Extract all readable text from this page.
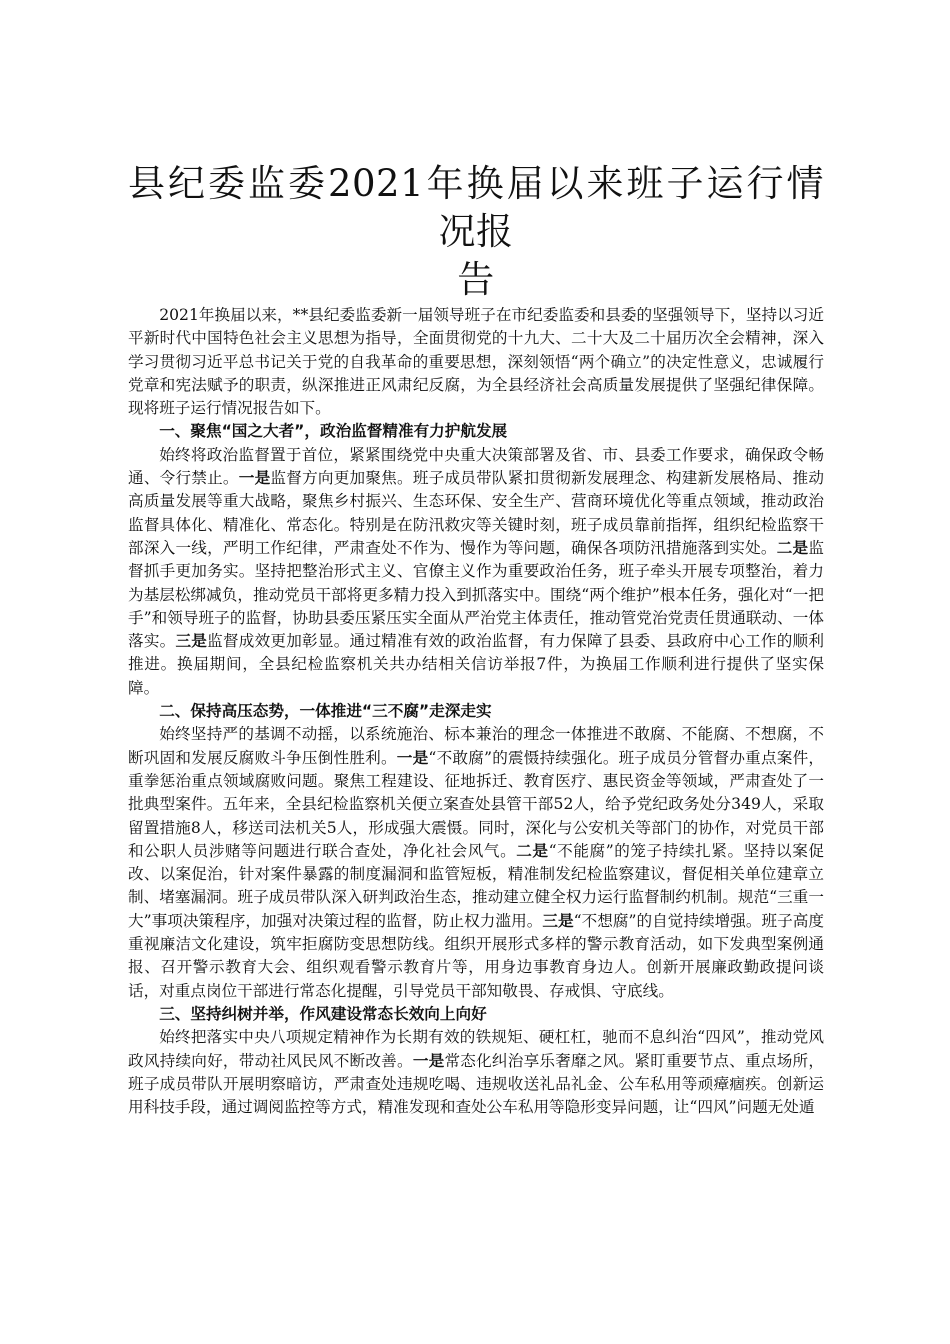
县纪委监委2021年换届以来班子运行情况报
告

2021年换届以来，**县纪委监委新一届领导班子在市纪委监委和县委的坚强领导下，坚持以习近平新时代中国特色社会主义思想为指导，全面贯彻党的十九大、二十大及二十届历次全会精神，深入学习贯彻习近平总书记关于党的自我革命的重要思想，深刻领悟“两个确立”的决定性意义，忠诚履行党章和宪法赋予的职责，纵深推进正风肃纪反腐，为全县经济社会高质量发展提供了坚强纪律保障。现将班子运行情况报告如下。

一、聚焦“国之大者”，政治监督精准有力护航发展

始终将政治监督置于首位，紧紧围绕党中央重大决策部署及省、市、县委工作要求，确保政令畅通、令行禁止。一是监督方向更加聚焦。班子成员带队紧扣贯彻新发展理念、构建新发展格局、推动高质量发展等重大战略，聚焦乡村振兴、生态环保、安全生产、营商环境优化等重点领域，推动政治监督具体化、精准化、常态化。特别是在防汛救灾等关键时刻，班子成员靠前指挥，组织纪检监察干部深入一线，严明工作纪律，严肃查处不作为、慢作为等问题，确保各项防汛措施落到实处。二是监督抓手更加务实。坚持把整治形式主义、官僚主义作为重要政治任务，班子牵头开展专项整治，着力为基层松绑减负，推动党员干部将更多精力投入到抓落实中。围绕“两个维护”根本任务，强化对“一把手”和领导班子的监督，协助县委压紧压实全面从严治党主体责任，推动管党治党责任贯通联动、一体落实。三是监督成效更加彰显。通过精准有效的政治监督，有力保障了县委、县政府中心工作的顺利推进。换届期间，全县纪检监察机关共办结相关信访举报7件，为换届工作顺利进行提供了坚实保障。

二、保持高压态势，一体推进“三不腐”走深走实

始终坚持严的基调不动摇，以系统施治、标本兼治的理念一体推进不敢腐、不能腐、不想腐，不断巩固和发展反腐败斗争压倒性胜利。一是“不敢腐”的震慑持续强化。班子成员分管督办重点案件，重拳惩治重点领域腐败问题。聚焦工程建设、征地拆迁、教育医疗、惠民资金等领域，严肃查处了一批典型案件。五年来，全县纪检监察机关便立案查处县管干部52人，给予党纪政务处分349人，采取留置措施8人，移送司法机关5人，形成强大震慑。同时，深化与公安机关等部门的协作，对党员干部和公职人员涉赌等问题进行联合查处，净化社会风气。二是“不能腐”的笼子持续扎紧。坚持以案促改、以案促治，针对案件暴露的制度漏洞和监管短板，精准制发纪检监察建议，督促相关单位建章立制、堵塞漏洞。班子成员带队深入研判政治生态，推动建立健全权力运行监督制约机制。规范“三重一大”事项决策程序，加强对决策过程的监督，防止权力滥用。三是“不想腐”的自觉持续增强。班子高度重视廉洁文化建设，筑牢拒腐防变思想防线。组织开展形式多样的警示教育活动，如下发典型案例通报、召开警示教育大会、组织观看警示教育片等，用身边事教育身边人。创新开展廉政勤政提问谈话，对重点岗位干部进行常态化提醒，引导党员干部知敬畏、存戒惧、守底线。

三、坚持纠树并举，作风建设常态长效向上向好

始终把落实中央八项规定精神作为长期有效的铁规矩、硬杠杠，驰而不息纠治“四风”，推动党风政风持续向好，带动社风民风不断改善。一是常态化纠治享乐奢靡之风。紧盯重要节点、重点场所，班子成员带队开展明察暗访，严肃查处违规吃喝、违规收送礼品礼金、公车私用等顽瘴痼疾。创新运用科技手段，通过调阅监控等方式，精准发现和查处公车私用等隐形变异问题，让“四风”问题无处遁
